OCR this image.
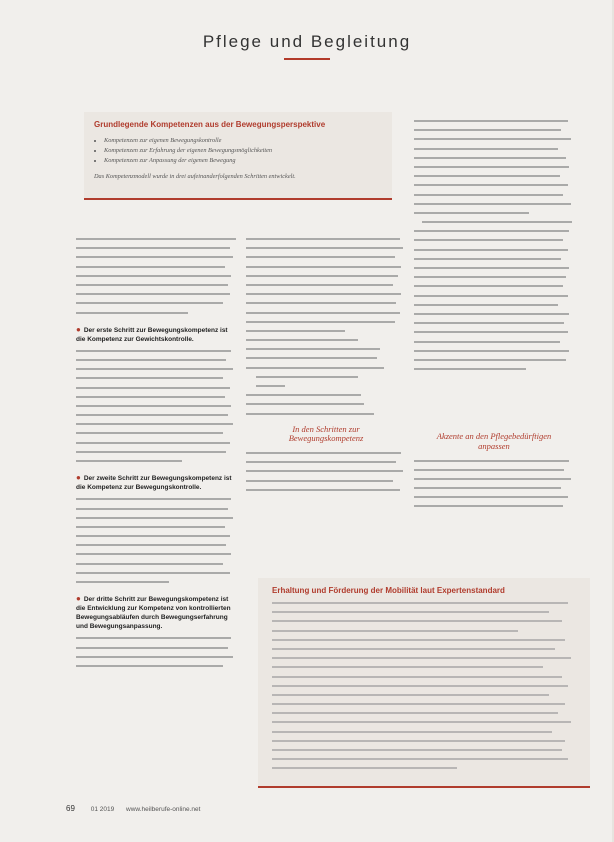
Pflege und Begleitung
Grundlegende Kompetenzen aus der Bewegungsperspektive
• Kompetenzen zur eigenen Bewegungskontrolle
• Kompetenzen zur Erfahrung der eigenen Bewegungsmöglichkeiten
• Kompetenzen zur Anpassung der eigenen Bewegung
Das Kompetenzmodell wurde in drei aufeinanderfolgenden Schritten entwickelt.
● Der erste Schritt zur Bewegungskompetenz ist die Kompetenz zur Gewichtskontrolle.
● Der zweite Schritt zur Bewegungskompetenz ist die Kompetenz zur Bewegungskontrolle.
● Der dritte Schritt zur Bewegungskompetenz ist die Entwicklung zur Kompetenz von kontrollierten Bewegungsabläufen durch Bewegungserfahrung und Bewegungsanpassung.
In den Schritten zur Bewegungskompetenz	Akzente an den Pflegebedürftigen anpassen
Erhaltung und Förderung der Mobilität laut Expertenstandard
69 01 2019 www.heilberufe-online.net
